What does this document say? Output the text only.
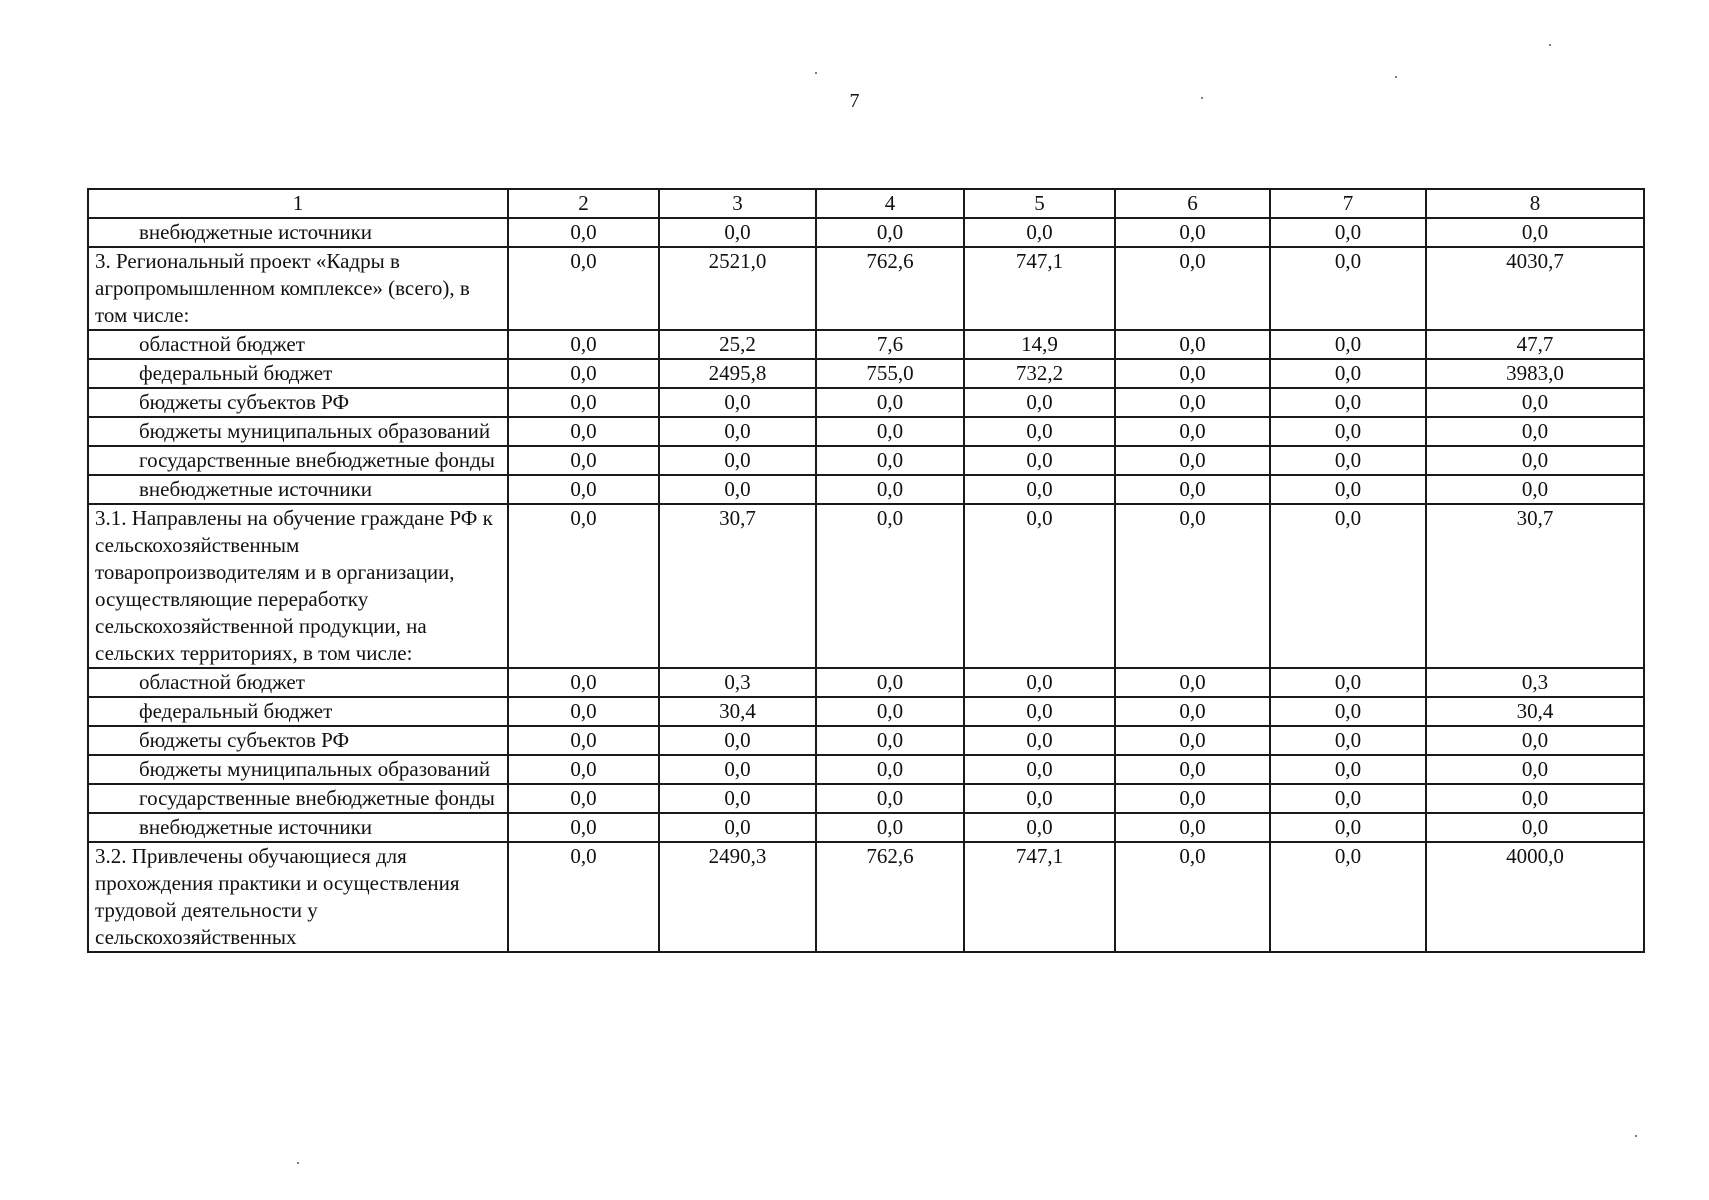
7
1	2	3	4	5	6	7	8
внебюджетные источники	0,0	0,0	0,0	0,0	0,0	0,0	0,0
3. Региональный проект «Кадры в агропромышленном комплексе» (всего), в том числе:	0,0	2521,0	762,6	747,1	0,0	0,0	4030,7
областной бюджет	0,0	25,2	7,6	14,9	0,0	0,0	47,7
федеральный бюджет	0,0	2495,8	755,0	732,2	0,0	0,0	3983,0
бюджеты субъектов РФ	0,0	0,0	0,0	0,0	0,0	0,0	0,0
бюджеты муниципальных образований	0,0	0,0	0,0	0,0	0,0	0,0	0,0
государственные внебюджетные фонды	0,0	0,0	0,0	0,0	0,0	0,0	0,0
внебюджетные источники	0,0	0,0	0,0	0,0	0,0	0,0	0,0
3.1. Направлены на обучение граждане РФ к сельскохозяйственным товаропроизводителям и в организации, осуществляющие переработку сельскохозяйственной продукции, на сельских территориях, в том числе:	0,0	30,7	0,0	0,0	0,0	0,0	30,7
областной бюджет	0,0	0,3	0,0	0,0	0,0	0,0	0,3
федеральный бюджет	0,0	30,4	0,0	0,0	0,0	0,0	30,4
бюджеты субъектов РФ	0,0	0,0	0,0	0,0	0,0	0,0	0,0
бюджеты муниципальных образований	0,0	0,0	0,0	0,0	0,0	0,0	0,0
государственные внебюджетные фонды	0,0	0,0	0,0	0,0	0,0	0,0	0,0
внебюджетные источники	0,0	0,0	0,0	0,0	0,0	0,0	0,0
3.2. Привлечены обучающиеся для прохождения практики и осуществления трудовой деятельности у сельскохозяйственных	0,0	2490,3	762,6	747,1	0,0	0,0	4000,0
